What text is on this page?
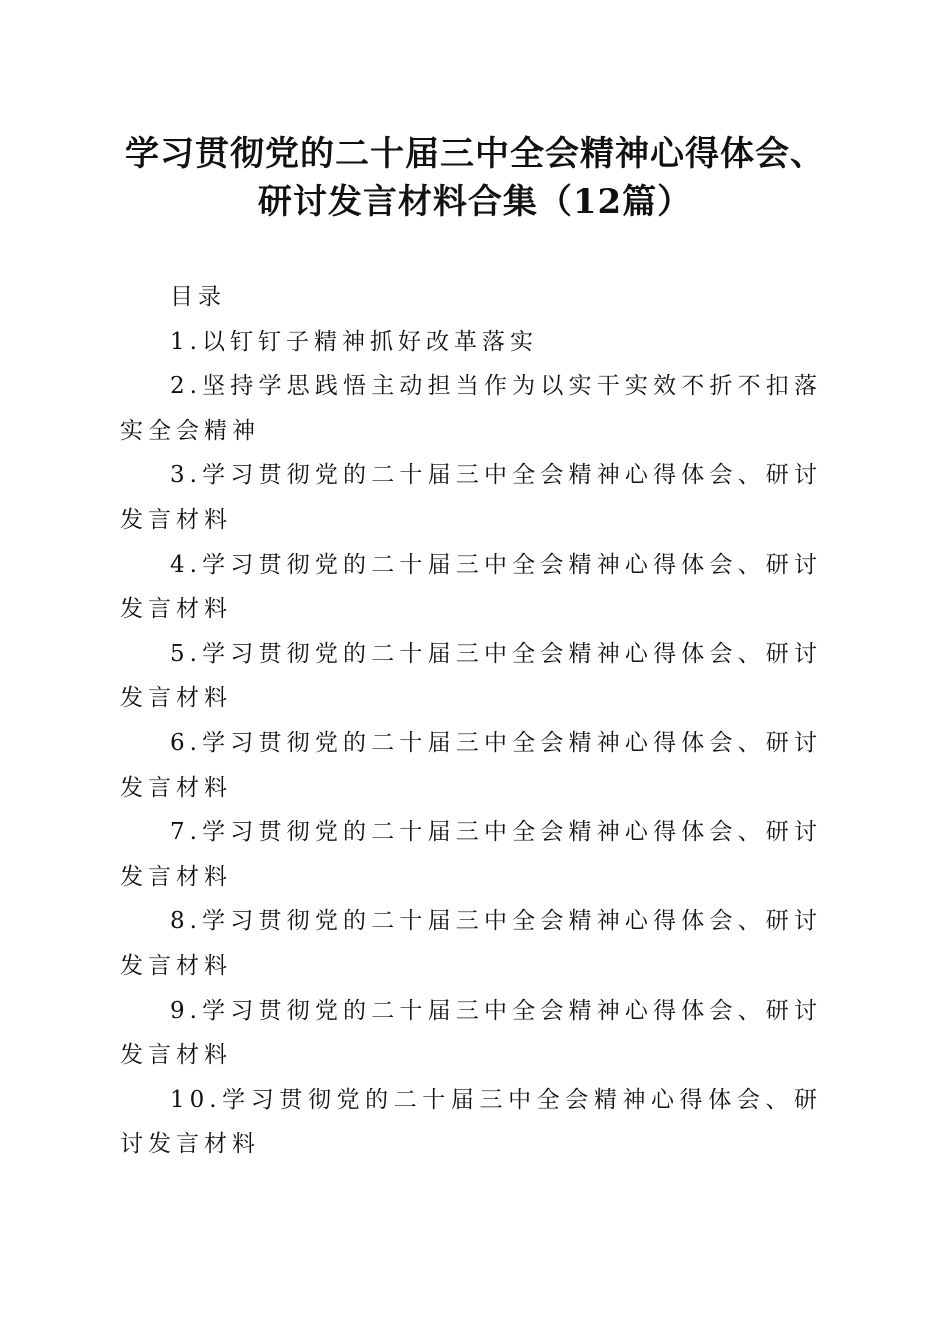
学习贯彻党的二十届三中全会精神心得体会、
研讨发言材料合集（12篇）
目录
1.以钉钉子精神抓好改革落实
2.坚持学思践悟主动担当作为以实干实效不折不扣落实全会精神
3.学习贯彻党的二十届三中全会精神心得体会、研讨发言材料
4.学习贯彻党的二十届三中全会精神心得体会、研讨发言材料
5.学习贯彻党的二十届三中全会精神心得体会、研讨发言材料
6.学习贯彻党的二十届三中全会精神心得体会、研讨发言材料
7.学习贯彻党的二十届三中全会精神心得体会、研讨发言材料
8.学习贯彻党的二十届三中全会精神心得体会、研讨发言材料
9.学习贯彻党的二十届三中全会精神心得体会、研讨发言材料
10.学习贯彻党的二十届三中全会精神心得体会、研讨发言材料
